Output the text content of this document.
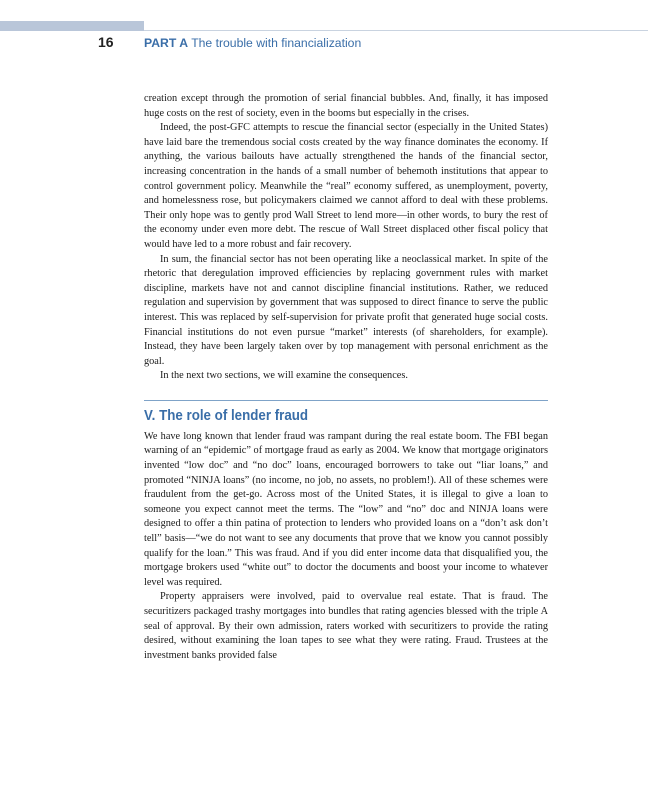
16 PART A The trouble with financialization

creation except through the promotion of serial financial bubbles. And, finally, it has imposed huge costs on the rest of society, even in the booms but especially in the crises.

Indeed, the post-GFC attempts to rescue the financial sector (especially in the United States) have laid bare the tremendous social costs created by the way finance dominates the economy. If anything, the various bailouts have actually strengthened the hands of the financial sector, increasing concentration in the hands of a small number of behemoth institutions that appear to control government policy. Meanwhile the “real” economy suffered, as unemployment, poverty, and homelessness rose, but policymakers claimed we cannot afford to deal with these problems. Their only hope was to gently prod Wall Street to lend more—in other words, to bury the rest of the economy under even more debt. The rescue of Wall Street displaced other fiscal policy that would have led to a more robust and fair recovery.

In sum, the financial sector has not been operating like a neoclassical market. In spite of the rhetoric that deregulation improved efficiencies by replacing government rules with market discipline, markets have not and cannot discipline financial institutions. Rather, we reduced regulation and supervision by government that was supposed to direct finance to serve the public interest. This was replaced by self-supervision for private profit that generated huge social costs. Financial institutions do not even pursue “market” interests (of shareholders, for example). Instead, they have been largely taken over by top management with personal enrichment as the goal.

In the next two sections, we will examine the consequences.

V. The role of lender fraud

We have long known that lender fraud was rampant during the real estate boom. The FBI began warning of an “epidemic” of mortgage fraud as early as 2004. We know that mortgage originators invented “low doc” and “no doc” loans, encouraged borrowers to take out “liar loans,” and promoted “NINJA loans” (no income, no job, no assets, no problem!). All of these schemes were fraudulent from the get-go. Across most of the United States, it is illegal to give a loan to someone you expect cannot meet the terms. The “low” and “no” doc and NINJA loans were designed to offer a thin patina of protection to lenders who provided loans on a “don’t ask don’t tell” basis—“we do not want to see any documents that prove that we know you cannot possibly qualify for the loan.” This was fraud. And if you did enter income data that disqualified you, the mortgage brokers used “white out” to doctor the documents and boost your income to whatever level was required.

Property appraisers were involved, paid to overvalue real estate. That is fraud. The securitizers packaged trashy mortgages into bundles that rating agencies blessed with the triple A seal of approval. By their own admission, raters worked with securitizers to provide the rating desired, without examining the loan tapes to see what they were rating. Fraud. Trustees at the investment banks provided false
